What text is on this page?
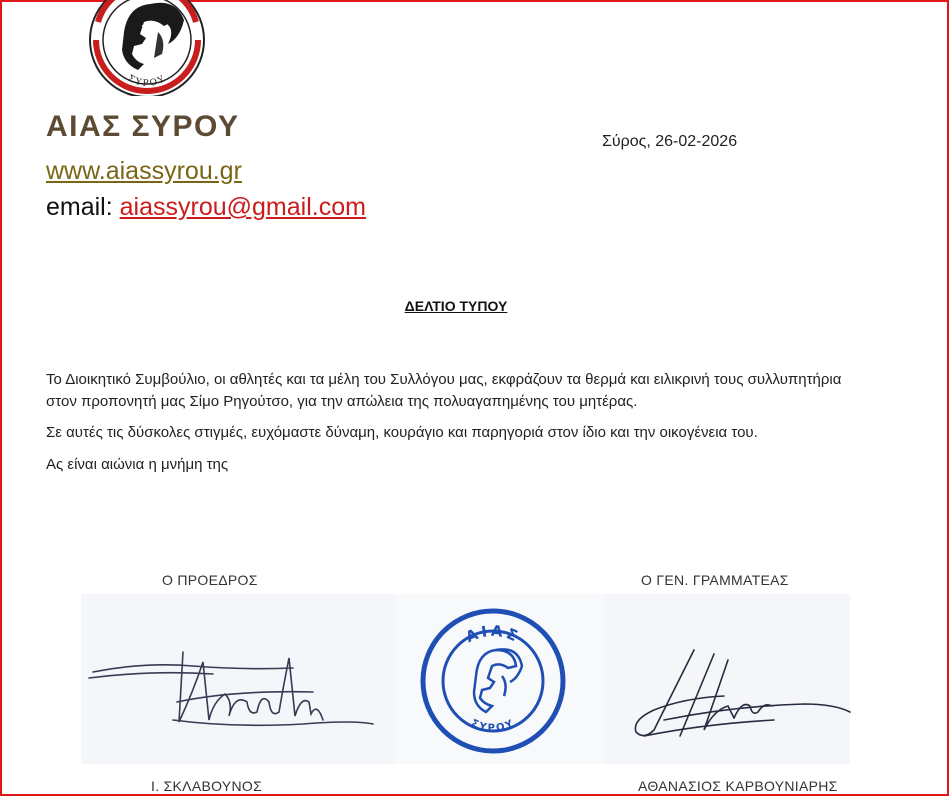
ΣΥΡΟΥ
ΑΙΑΣ ΣΥΡΟΥ
www.aiassyrou.gr
email: aiassyrou@gmail.com
Σύρος, 26-02-2026
ΔΕΛΤΙΟ ΤΥΠΟΥ

Το Διοικητικό Συμβούλιο, οι αθλητές και τα μέλη του Συλλόγου μας, εκφράζουν τα θερμά και ειλικρινή τους συλλυπητήρια στον προπονητή μας Σίμο Ρηγούτσο, για την απώλεια της πολυαγαπημένης του μητέρας.

Σε αυτές τις δύσκολες στιγμές, ευχόμαστε δύναμη, κουράγιο και παρηγοριά στον ίδιο και την οικογένεια του.

Ας είναι αιώνια η μνήμη της

Ο ΠΡΟΕΔΡΟΣ	Ο ΓΕΝ. ΓΡΑΜΜΑΤΕΑΣ
ΑΙΑΣ
ΣΥΡΟΥ
Ι. ΣΚΛΑΒΟΥΝΟΣ	ΑΘΑΝΑΣΙΟΣ ΚΑΡΒΟΥΝΙΑΡΗΣ
